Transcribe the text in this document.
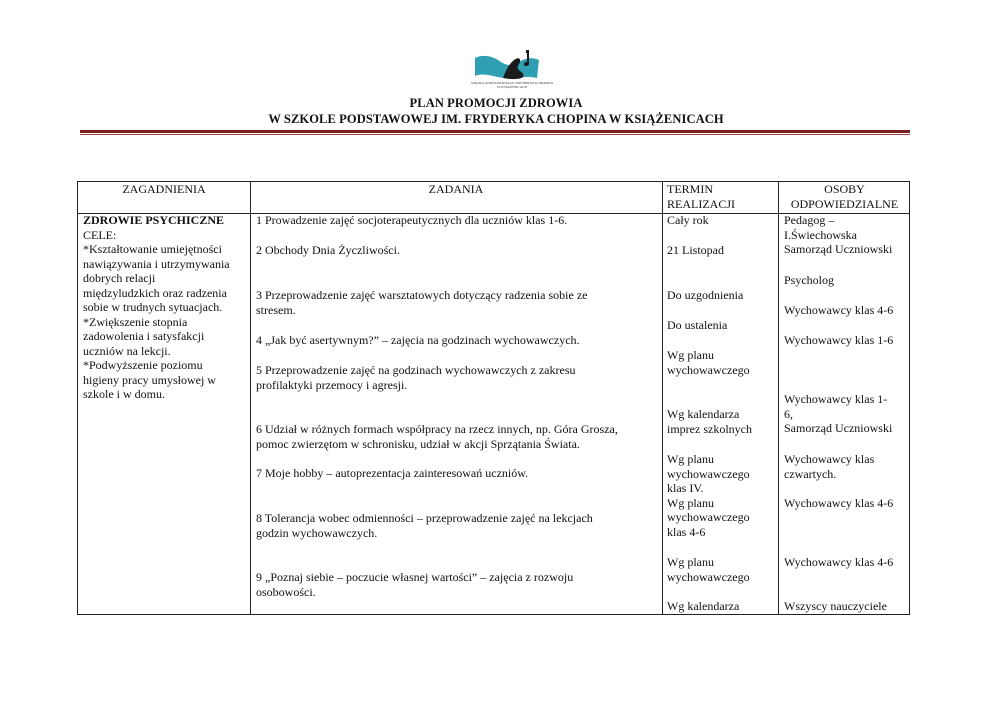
SZKOŁA PODSTAWOWA im. FRYDERYKA CHOPINA
W KSIĄŻENICACH
PLAN PROMOCJI ZDROWIA
W SZKOLE PODSTAWOWEJ IM. FRYDERYKA CHOPINA W KSIĄŻENICACH
ZAGADNIENIA	ZADANIA	TERMIN
REALIZACJI
OSOBY
ODPOWIEDZIALNE
ZDROWIE PSYCHICZNE
CELE:
*Kształtowanie umiejętności
nawiązywania i utrzymywania
dobrych relacji
międzyludzkich oraz radzenia
sobie w trudnych sytuacjach.
*Zwiększenie stopnia
zadowolenia i satysfakcji
uczniów na lekcji.
*Podwyższenie poziomu
higieny pracy umysłowej w
szkole i w domu.
1 Prowadzenie zajęć socjoterapeutycznych dla uczniów klas 1-6.
2 Obchody Dnia Życzliwości.
3 Przeprowadzenie zajęć warsztatowych dotyczący radzenia sobie ze
stresem.
4 „Jak być asertywnym?” – zajęcia na godzinach wychowawczych.
5 Przeprowadzenie zajęć na godzinach wychowawczych z zakresu
profilaktyki przemocy i agresji.
6 Udział w różnych formach współpracy na rzecz innych, np. Góra Grosza,
pomoc zwierzętom w schronisku, udział w akcji Sprzątania Świata.
7 Moje hobby – autoprezentacja zainteresowań uczniów.
8 Tolerancja wobec odmienności – przeprowadzenie zajęć na lekcjach
godzin wychowawczych.
9 „Poznaj siebie – poczucie własnej wartości” – zajęcia z rozwoju
osobowości.
Cały rok
21 Listopad
Do uzgodnienia
Do ustalenia
Wg planu
wychowawczego
Wg kalendarza
imprez szkolnych
Wg planu
wychowawczego
klas IV.
Wg planu
wychowawczego
klas 4-6
Wg planu
wychowawczego
Wg kalendarza
Pedagog –
I.Świechowska
Samorząd Uczniowski
Psycholog
Wychowawcy klas 4-6
Wychowawcy klas 1-6
Wychowawcy klas 1-
6,
Samorząd Uczniowski
Wychowawcy klas
czwartych.
Wychowawcy klas 4-6
Wychowawcy klas 4-6
Wszyscy nauczyciele
